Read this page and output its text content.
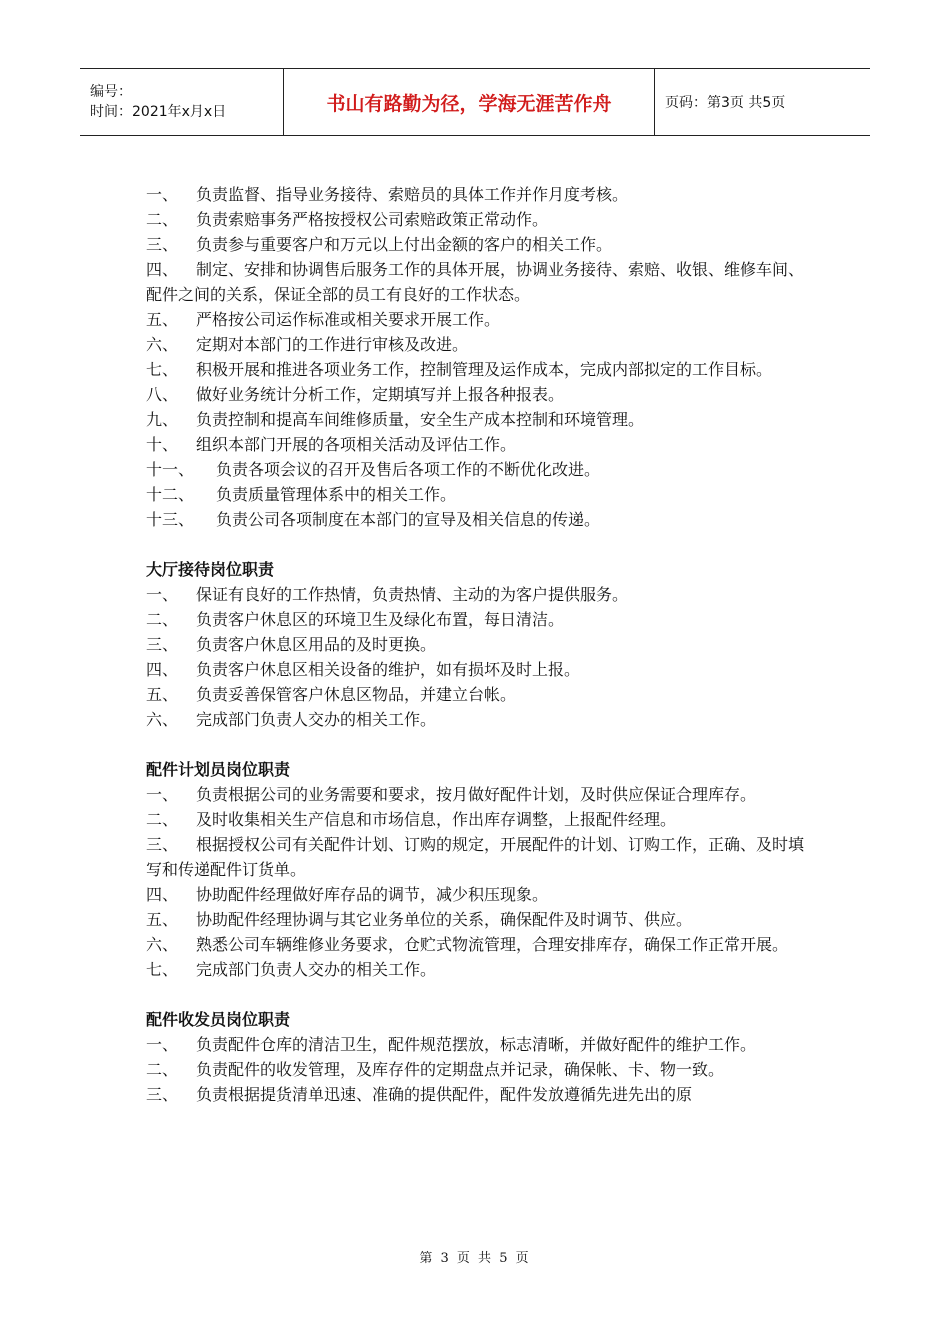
编号：
时间：2021年x月x日	书山有路勤为径，学海无涯苦作舟	页码：第3页 共5页
一、 负责监督、指导业务接待、索赔员的具体工作并作月度考核。
二、 负责索赔事务严格按授权公司索赔政策正常动作。
三、 负责参与重要客户和万元以上付出金额的客户的相关工作。
四、 制定、安排和协调售后服务工作的具体开展，协调业务接待、索赔、收银、维修车间、配件之间的关系，保证全部的员工有良好的工作状态。
五、 严格按公司运作标准或相关要求开展工作。
六、 定期对本部门的工作进行审核及改进。
七、 积极开展和推进各项业务工作，控制管理及运作成本，完成内部拟定的工作目标。
八、 做好业务统计分析工作，定期填写并上报各种报表。
九、 负责控制和提高车间维修质量，安全生产成本控制和环境管理。
十、 组织本部门开展的各项相关活动及评估工作。
十一、 负责各项会议的召开及售后各项工作的不断优化改进。
十二、 负责质量管理体系中的相关工作。
十三、 负责公司各项制度在本部门的宣导及相关信息的传递。
大厅接待岗位职责
一、 保证有良好的工作热情，负责热情、主动的为客户提供服务。
二、 负责客户休息区的环境卫生及绿化布置，每日清洁。
三、 负责客户休息区用品的及时更换。
四、 负责客户休息区相关设备的维护，如有损坏及时上报。
五、 负责妥善保管客户休息区物品，并建立台帐。
六、 完成部门负责人交办的相关工作。
配件计划员岗位职责
一、 负责根据公司的业务需要和要求，按月做好配件计划，及时供应保证合理库存。
二、 及时收集相关生产信息和市场信息，作出库存调整，上报配件经理。
三、 根据授权公司有关配件计划、订购的规定，开展配件的计划、订购工作，正确、及时填写和传递配件订货单。
四、 协助配件经理做好库存品的调节，减少积压现象。
五、 协助配件经理协调与其它业务单位的关系，确保配件及时调节、供应。
六、 熟悉公司车辆维修业务要求，仓贮式物流管理，合理安排库存，确保工作正常开展。
七、 完成部门负责人交办的相关工作。
配件收发员岗位职责
一、 负责配件仓库的清洁卫生，配件规范摆放，标志清晰，并做好配件的维护工作。
二、 负责配件的收发管理，及库存件的定期盘点并记录，确保帐、卡、物一致。
三、 负责根据提货清单迅速、准确的提供配件，配件发放遵循先进先出的原
第 3 页 共 5 页
